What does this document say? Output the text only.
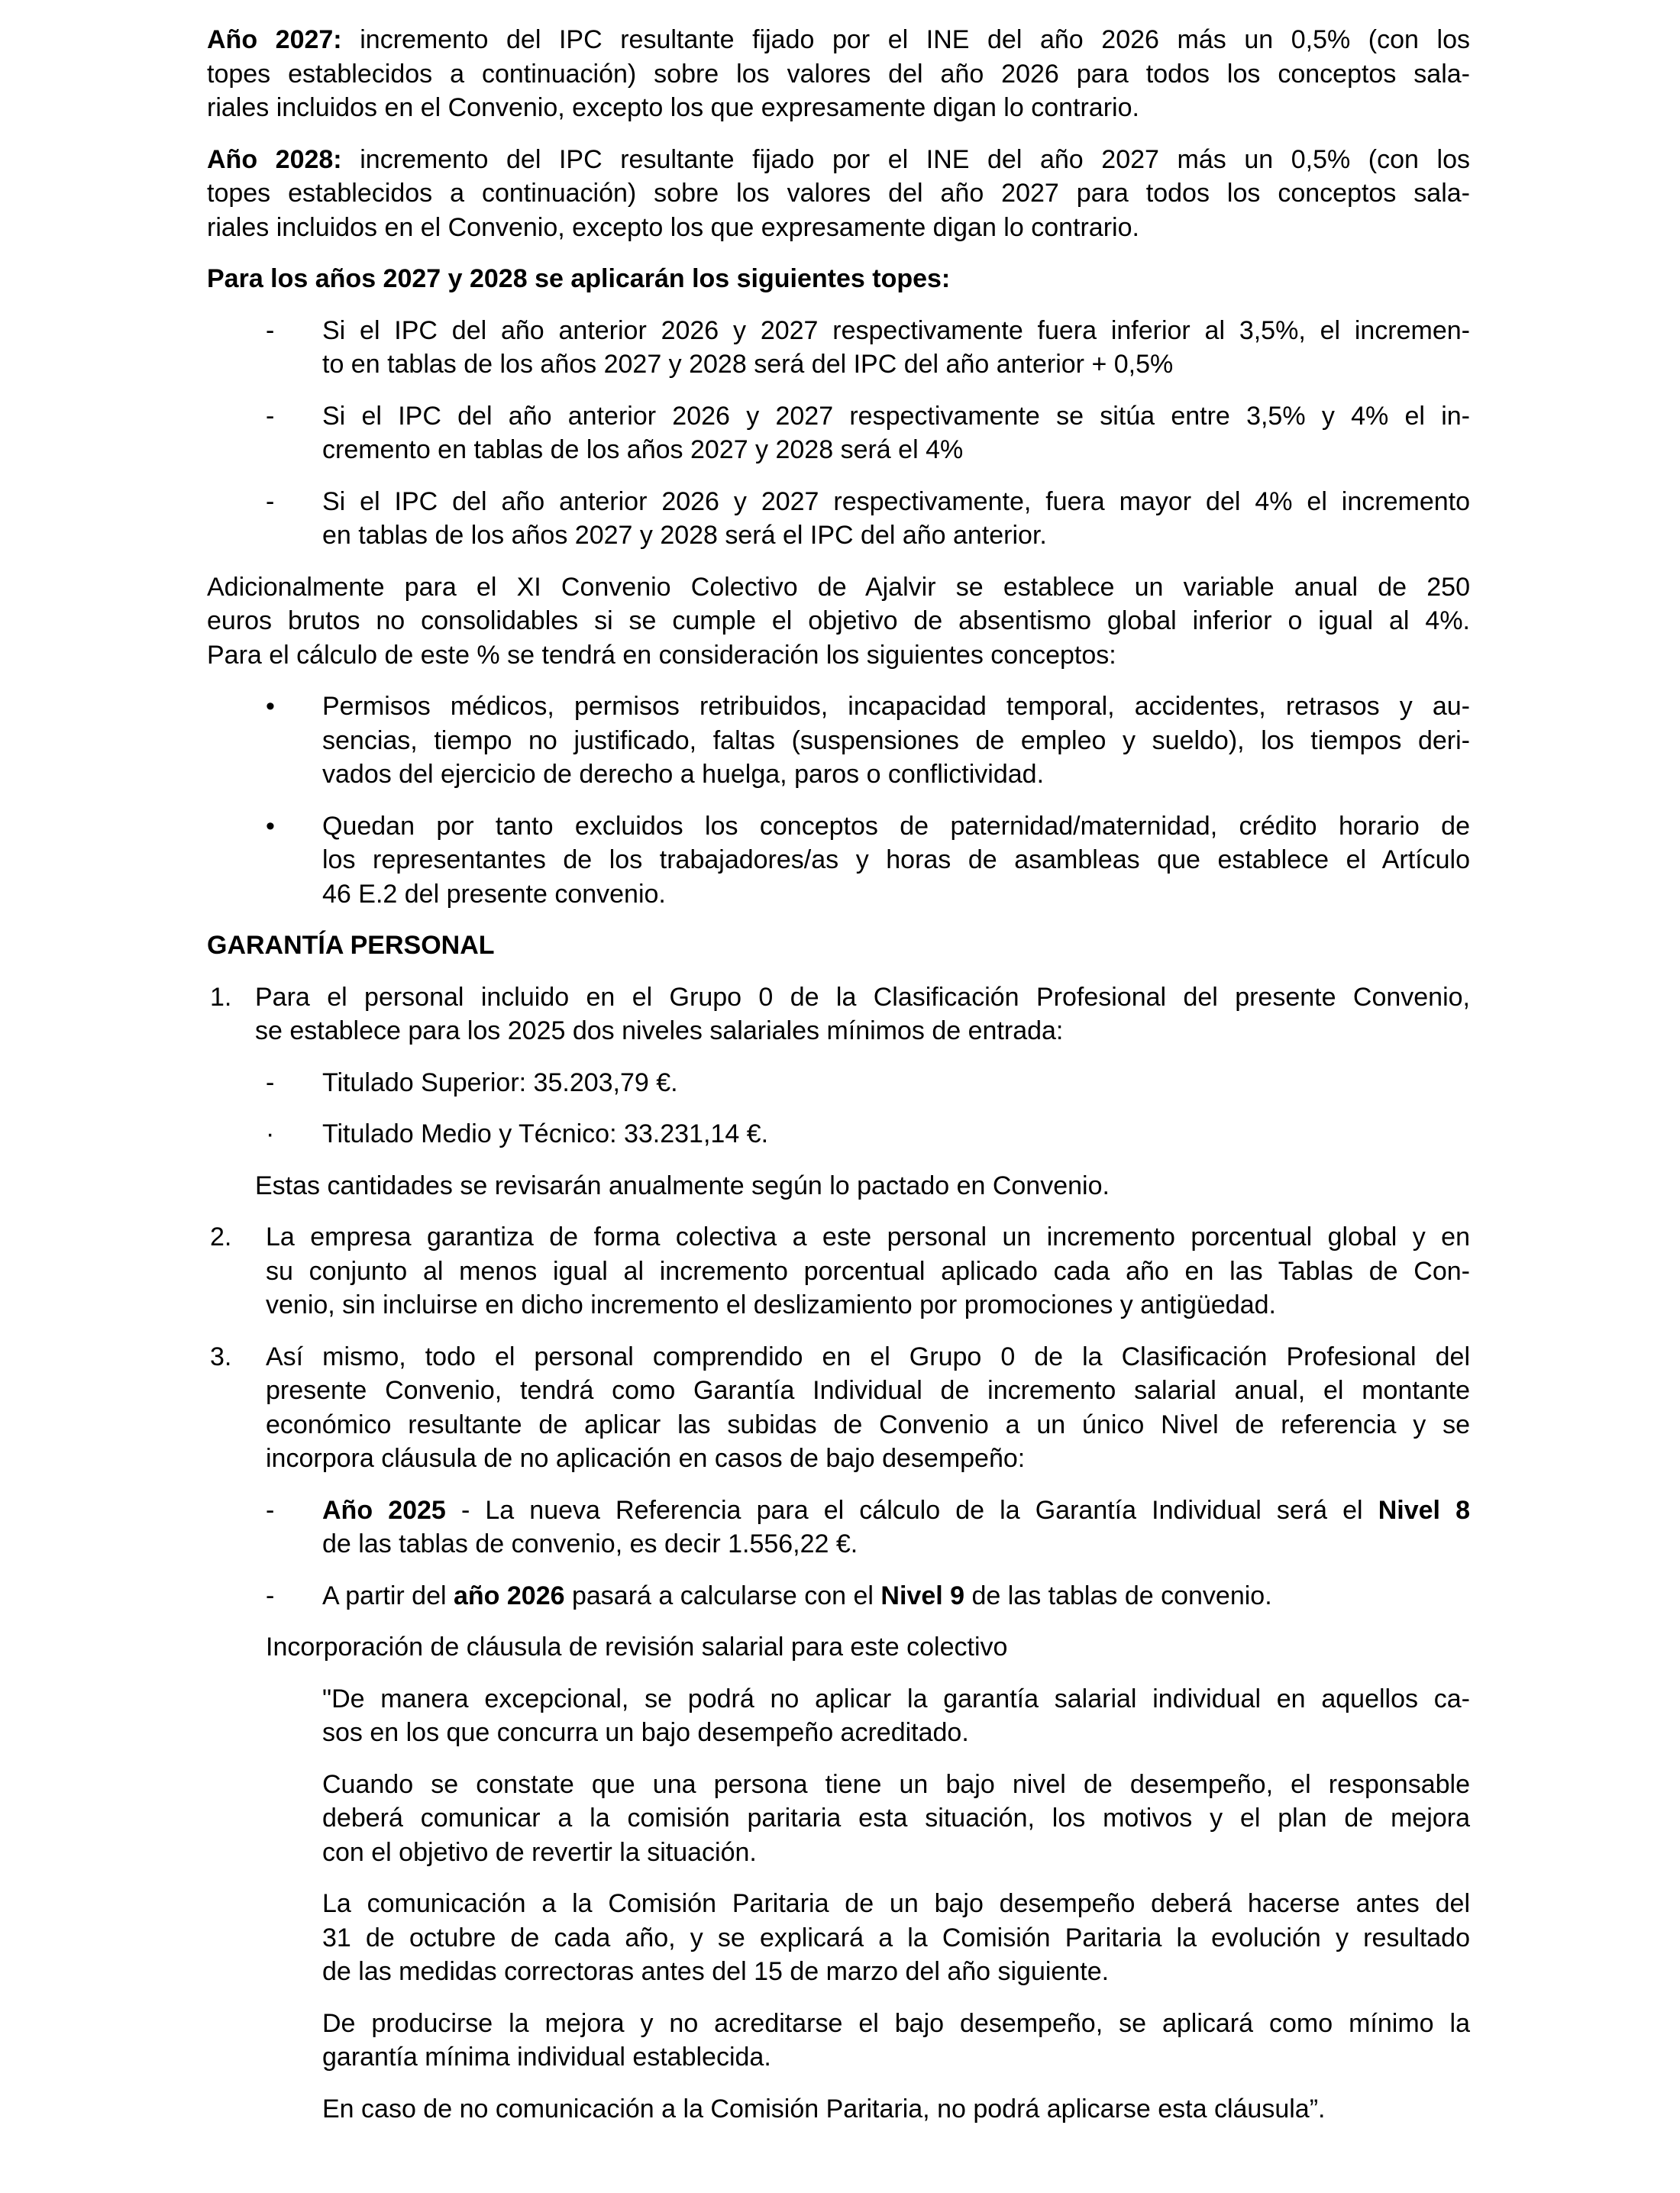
Año 2027: incremento del IPC resultante fijado por el INE del año 2026 más un 0,5% (con los
topes establecidos a continuación) sobre los valores del año 2026 para todos los conceptos sala-
riales incluidos en el Convenio, excepto los que expresamente digan lo contrario.
Año 2028: incremento del IPC resultante fijado por el INE del año 2027 más un 0,5% (con los
topes establecidos a continuación) sobre los valores del año 2027 para todos los conceptos sala-
riales incluidos en el Convenio, excepto los que expresamente digan lo contrario.
Para los años 2027 y 2028 se aplicarán los siguientes topes:
- Si el IPC del año anterior 2026 y 2027 respectivamente fuera inferior al 3,5%, el incremen-
to en tablas de los años 2027 y 2028 será del IPC del año anterior + 0,5%
- Si el IPC del año anterior 2026 y 2027 respectivamente se sitúa entre 3,5% y 4% el in-
cremento en tablas de los años 2027 y 2028 será el 4%
- Si el IPC del año anterior 2026 y 2027 respectivamente, fuera mayor del 4% el incremento
en tablas de los años 2027 y 2028 será el IPC del año anterior.
Adicionalmente para el XI Convenio Colectivo de Ajalvir se establece un variable anual de 250
euros brutos no consolidables si se cumple el objetivo de absentismo global inferior o igual al 4%.
Para el cálculo de este % se tendrá en consideración los siguientes conceptos:
• Permisos médicos, permisos retribuidos, incapacidad temporal, accidentes, retrasos y au-
sencias, tiempo no justificado, faltas (suspensiones de empleo y sueldo), los tiempos deri-
vados del ejercicio de derecho a huelga, paros o conflictividad.
• Quedan por tanto excluidos los conceptos de paternidad/maternidad, crédito horario de
los representantes de los trabajadores/as y horas de asambleas que establece el Artículo
46 E.2 del presente convenio.
GARANTÍA PERSONAL
1. Para el personal incluido en el Grupo 0 de la Clasificación Profesional del presente Convenio,
se establece para los 2025 dos niveles salariales mínimos de entrada:
- Titulado Superior: 35.203,79 €.
· Titulado Medio y Técnico: 33.231,14 €.
Estas cantidades se revisarán anualmente según lo pactado en Convenio.
2. La empresa garantiza de forma colectiva a este personal un incremento porcentual global y en
su conjunto al menos igual al incremento porcentual aplicado cada año en las Tablas de Con-
venio, sin incluirse en dicho incremento el deslizamiento por promociones y antigüedad.
3. Así mismo, todo el personal comprendido en el Grupo 0 de la Clasificación Profesional del
presente Convenio, tendrá como Garantía Individual de incremento salarial anual, el montante
económico resultante de aplicar las subidas de Convenio a un único Nivel de referencia y se
incorpora cláusula de no aplicación en casos de bajo desempeño:
- Año 2025 - La nueva Referencia para el cálculo de la Garantía Individual será el Nivel 8
de las tablas de convenio, es decir 1.556,22 €.
- A partir del año 2026 pasará a calcularse con el Nivel 9 de las tablas de convenio.
Incorporación de cláusula de revisión salarial para este colectivo
"De manera excepcional, se podrá no aplicar la garantía salarial individual en aquellos ca-
sos en los que concurra un bajo desempeño acreditado.
Cuando se constate que una persona tiene un bajo nivel de desempeño, el responsable
deberá comunicar a la comisión paritaria esta situación, los motivos y el plan de mejora
con el objetivo de revertir la situación.
La comunicación a la Comisión Paritaria de un bajo desempeño deberá hacerse antes del
31 de octubre de cada año, y se explicará a la Comisión Paritaria la evolución y resultado
de las medidas correctoras antes del 15 de marzo del año siguiente.
De producirse la mejora y no acreditarse el bajo desempeño, se aplicará como mínimo la
garantía mínima individual establecida.
En caso de no comunicación a la Comisión Paritaria, no podrá aplicarse esta cláusula”.
